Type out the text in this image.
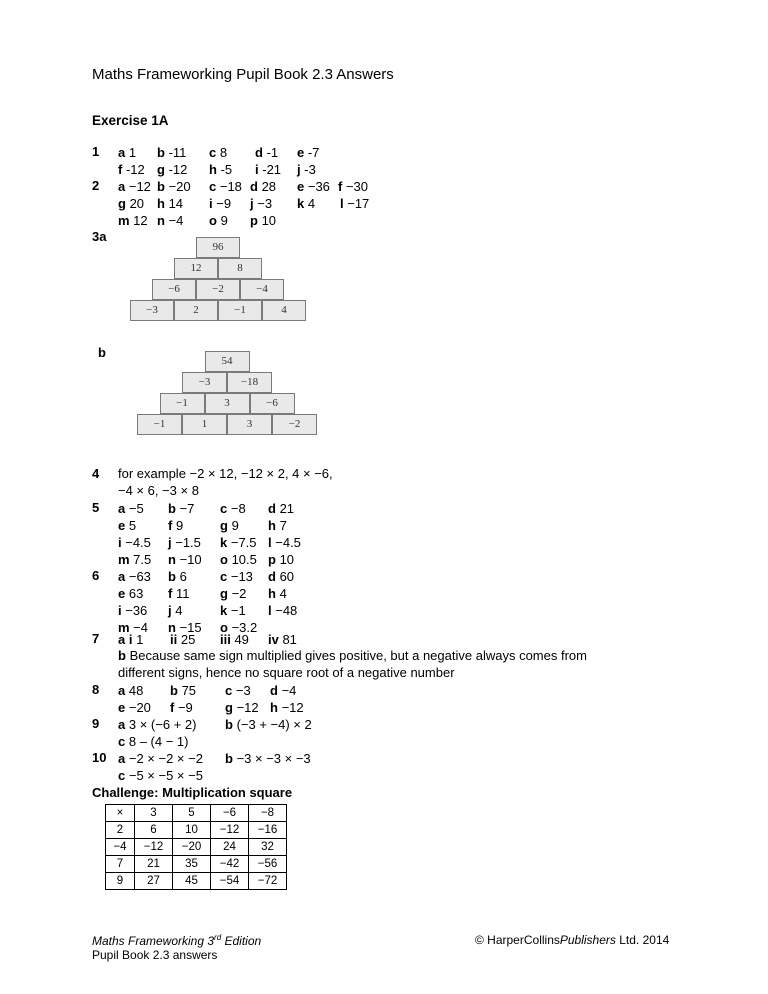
Maths Frameworking Pupil Book 2.3 Answers
Exercise 1A
1 a 1 b -11 c 8 d -1 e -7
f -12 g -12 h -5 i -21 j -3
2 a −12 b −20 c −18 d 28 e −36 f −30
g 20 h 14 i −9 j −3 k 4 l −17
m 12 n −4 o 9 p 10
3a
96
12	8
−6	−2	−4
−3	2	−1	4
b
54
−3	−18
−1	3	−6
−1	1	3	−2
4 for example −2 × 12, −12 × 2, 4 × −6,
−4 × 6, −3 × 8
5 a −5 b −7 c −8 d 21
e 5 f 9	g 9 h 7
i −4.5 j −1.5 k −7.5 l −4.5
m 7.5 n −10 o 10.5 p 10
6 a −63 b 6	c −13 d 60
e 63 f 11 g −2 h 4
i −36 j 4	k −1 l −48
m −4 n −15 o −3.2
7 a i 1 ii 25 iii 49 iv 81
b Because same sign multiplied gives positive, but a negative always comes from
different signs, hence no square root of a negative number
8 a 48 b 75 c −3 d −4
e −20 f −9 g −12 h −12
9 a 3 × (−6 + 2) b (−3 + −4) × 2
c 8 – (4 − 1)
10 a −2 × −2 × −2 b −3 × −3 × −3
c −5 × −5 × −5
Challenge: Multiplication square
×	3	5	−6	−8
2	6	10	−12	−16
−4	−12	−20	24	32
7	21	35	−42	−56
9	27	45	−54	−72
Maths Frameworking 3rd Edition
Pupil Book 2.3 answers
© HarperCollinsPublishers Ltd. 2014
